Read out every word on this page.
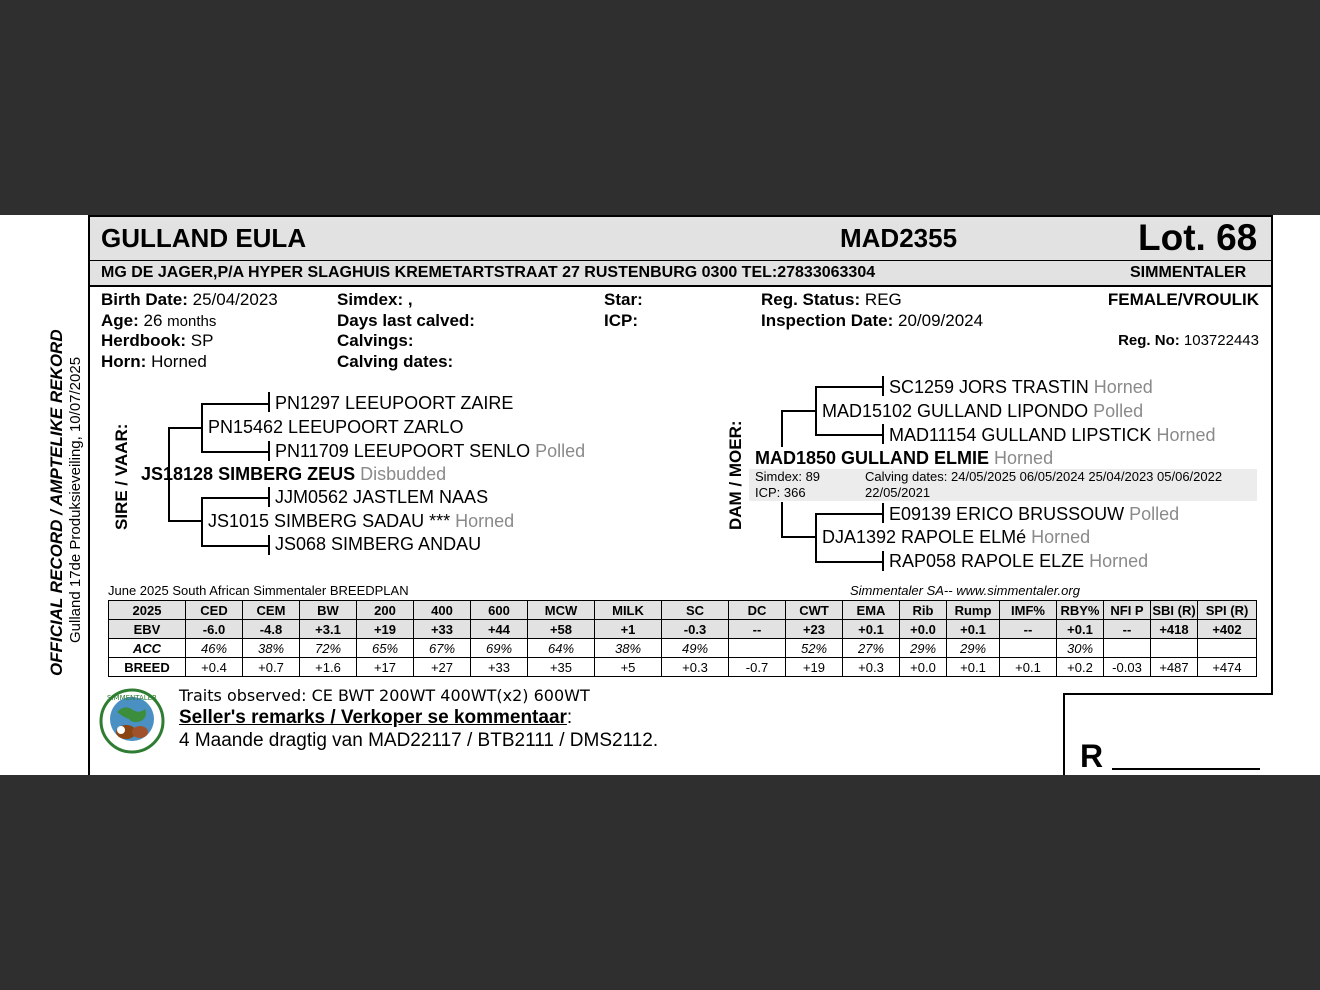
GULLAND EULA	MAD2355	Lot. 68
MG DE JAGER,P/A HYPER SLAGHUIS KREMETARTSTRAAT 27 RUSTENBURG 0300 TEL:27833063304	SIMMENTALER
Birth Date: 25/04/2023
Age: 26 months
Herdbook: SP
Horn: Horned
Simdex: ,
Days last calved:
Calvings:
Calving dates:
Star:
ICP:
Reg. Status: REG
Inspection Date: 20/09/2024
FEMALE/VROULIK
Reg. No: 103722443
OFFICIAL RECORD / AMPTELIKE REKORD Gulland 17de Produksieveiling, 10/07/2025 SIRE / VAAR:
PN1297 LEEUPOORT ZAIRE
PN15462 LEEUPOORT ZARLO
PN11709 LEEUPOORT SENLO Polled
JS18128 SIMBERG ZEUS Disbudded
JJM0562 JASTLEM NAAS
JS1015 SIMBERG SADAU *** Horned
JS068 SIMBERG ANDAU
DAM / MOER:
SC1259 JORS TRASTIN Horned
MAD15102 GULLAND LIPONDO Polled
MAD11154 GULLAND LIPSTICK Horned
MAD1850 GULLAND ELMIE Horned
Simdex: 89
ICP: 366
Calving dates: 24/05/2025 06/05/2024 25/04/2023 05/06/2022
22/05/2021
E09139 ERICO BRUSSOUW Polled
DJA1392 RAPOLE ELMé Horned
RAP058 RAPOLE ELZE Horned
June 2025 South African Simmentaler BREEDPLAN	Simmentaler SA-- www.simmentaler.org
2025	CED	CEM	BW	200	400	600	MCW	MILK	SC	DC	CWT	EMA	Rib	Rump	IMF%	RBY%	NFI P	SBI (R)	SPI (R)
EBV	-6.0	-4.8	+3.1	+19	+33	+44	+58	+1	-0.3	--	+23	+0.1	+0.0	+0.1	--	+0.1	--	+418	+402
ACC	46%	38%	72%	65%	67%	69%	64%	38%	49%		52%	27%	29%	29%		30%			
BREED	+0.4	+0.7	+1.6	+17	+27	+33	+35	+5	+0.3	-0.7	+19	+0.3	+0.0	+0.1	+0.1	+0.2	-0.03	+487	+474
SIMMENTALER Traits observed: CE BWT 200WT 400WT(x2) 600WT
Seller's remarks / Verkoper se kommentaar:
4 Maande dragtig van MAD22117 / BTB2111 / DMS2112.	R
